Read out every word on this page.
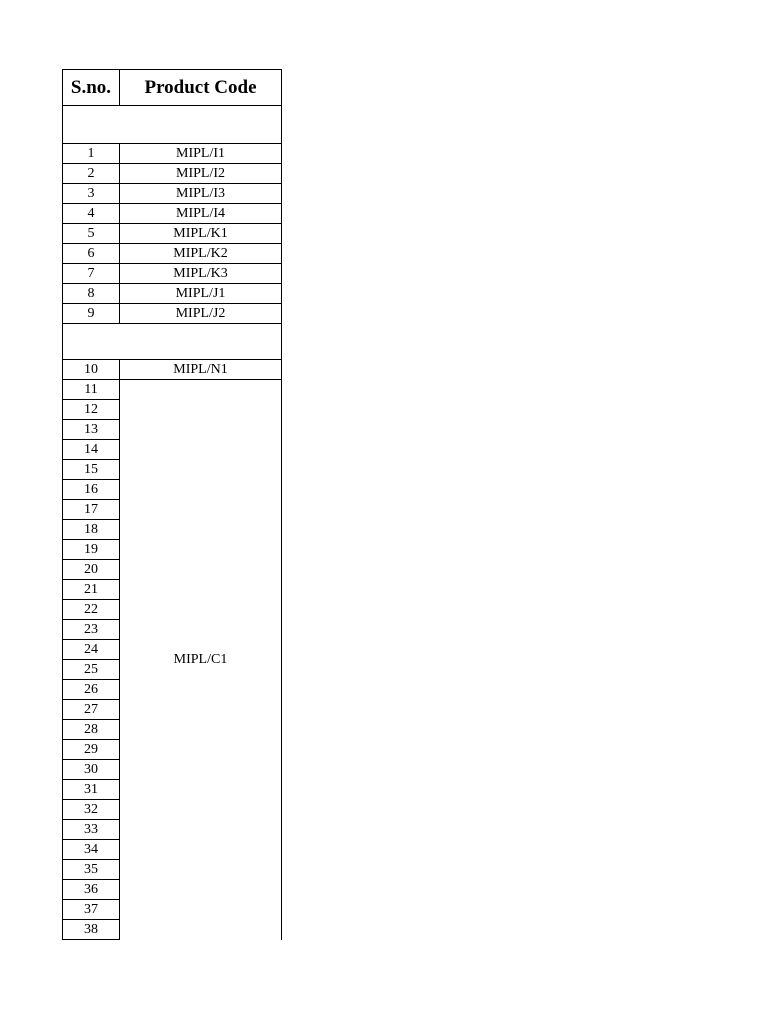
S.no.	Product Code

1	MIPL/I1
2	MIPL/I2
3	MIPL/I3
4	MIPL/I4
5	MIPL/K1
6	MIPL/K2
7	MIPL/K3
8	MIPL/J1
9	MIPL/J2

10	MIPL/N1
11	MIPL/C1
12	
13	
14	
15	
16	
17	
18	
19	
20	
21	
22	
23	
24	
25	
26	
27	
28	
29	
30	
31	
32	
33	
34	
35	
36	
37	
38	
